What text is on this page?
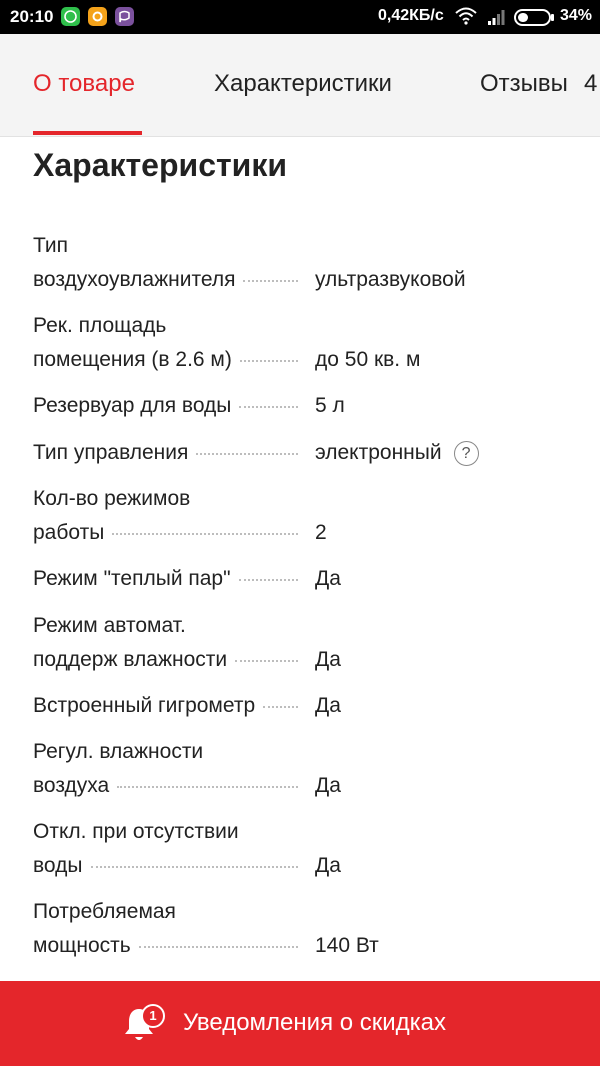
20:10	0,42КБ/с	34%
О товаре	Характеристики	Отзывы 4
Характеристики
Тип
воздухоувлажнителя	ультразвуковой
Рек. площадь
помещения (в 2.6 м)	до 50 кв. м
Резервуар для воды	5 л
Тип управления	электронный ?
Кол-во режимов
работы	2
Режим "теплый пар"	Да
Режим автомат.
поддерж влажности	Да
Встроенный гигрометр	Да
Регул. влажности
воздуха	Да
Откл. при отсутствии
воды	Да
Потребляемая
мощность	140 Вт
Уведомления о скидках
1
